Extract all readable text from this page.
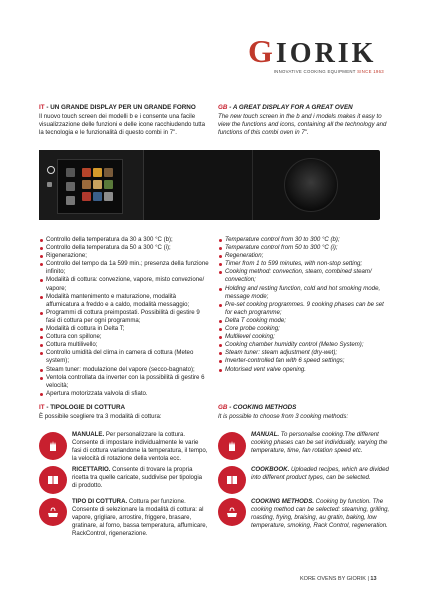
GIORIK
INNOVATIVE COOKING EQUIPMENT SINCE 1963
IT - UN GRANDE DISPLAY PER UN GRANDE FORNO

Il nuovo touch screen dei modelli b e i consente una facile visualizzazione delle funzioni e delle icone racchiudendo tutta la tecnologia e le funzionalità di questo combi in 7".

GB - A GREAT DISPLAY FOR A GREAT OVEN

The new touch screen in the b and i models makes it easy to view the functions and icons, containing all the technology and functions of this combi oven in 7".

Controllo della temperatura da 30 a 300 °C (b);
Controllo della temperatura da 50 a 300 °C (i);
Rigenerazione;
Controllo del tempo da 1a 599 min.; presenza della funzione infinito;
Modalità di cottura: convezione, vapore, misto convezione/ vapore;
Modalità mantenimento e maturazione, modalità affumicatura a freddo e a caldo, modalità messaggio;
Programmi di cottura preimpostati. Possibilità di gestire 9 fasi di cottura per ogni programma;
Modalità di cottura in Delta T;
Cottura con spillone;
Cottura multilivello;
Controllo umidità del clima in camera di cottura (Meteo system);
Steam tuner: modulazione del vapore (secco-bagnato);
Ventola controllata da inverter con la possibilità di gestire 6 velocità;
Apertura motorizzata valvola di sfiato.
Temperature control from 30 to 300 °C (b);
Temperature control from 50 to 300 °C (i);
Regeneration;
Timer from 1 to 599 minutes, with non-stop setting;
Cooking method: convection, steam, combined steam/ convection;
Holding and resting function, cold and hot smoking mode, message mode;
Pre-set cooking programmes. 9 cooking phases can be set for each programme;
Delta T cooking mode;
Core probe cooking;
Multilevel cooking;
Cooking chamber humidity control (Meteo System);
Steam tuner: steam adjustment (dry-wet);
Inverter-controlled fan with 6 speed settings;
Motorised vent valve opening.
IT - TIPOLOGIE DI COTTURA

È possibile scegliere tra 3 modalità di cottura:

GB - COOKING METHODS

It is possible to choose from 3 cooking methods:

MANUALE. Per personalizzare la cottura. Consente di impostare individualmente le varie fasi di cottura variandone la temperatura, il tempo, la velocità di rotazione della ventola ecc.
RICETTARIO. Consente di trovare la propria ricetta tra quelle caricate, suddivise per tipologia di prodotto.
TIPO DI COTTURA. Cottura per funzione. Consente di selezionare la modalità di cottura: al vapore, grigliare, arrostire, friggere, brasare, gratinare, al forno, bassa temperatura, affumicare, RackControl, rigenerazione.
MANUAL. To personalise cooking.The different cooking phases can be set individually, varying the temperature, time, fan rotation speed etc.
COOKBOOK. Uploaded recipes, which are divided into different product types, can be selected.
COOKING METHODS. Cooking by function. The cooking method can be selected: steaming, grilling, roasting, frying, braising, au gratin, baking, low temperature, smoking, Rack Control, regeneration.
KORE OVENS BY GIORIK | 13
